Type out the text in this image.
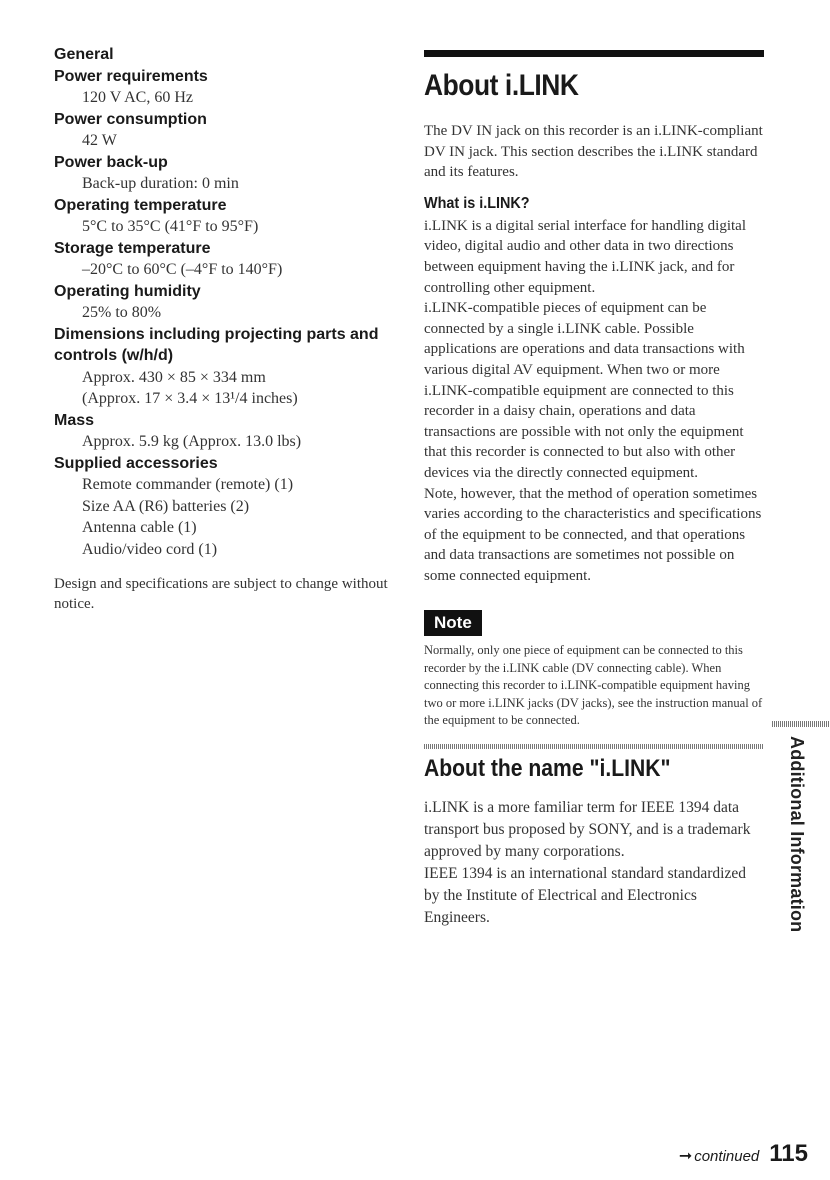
General

Power requirements

120 V AC, 60 Hz

Power consumption

42 W

Power back-up

Back-up duration: 0 min

Operating temperature

5°C to 35°C (41°F to 95°F)

Storage temperature

–20°C to 60°C (–4°F to 140°F)

Operating humidity

25% to 80%

Dimensions including projecting parts and controls (w/h/d)

Approx. 430 × 85 × 334 mm

(Approx. 17 × 3.4 × 13¹/4 inches)

Mass

Approx. 5.9 kg (Approx. 13.0 lbs)

Supplied accessories

Remote commander (remote) (1)

Size AA (R6) batteries (2)

Antenna cable (1)

Audio/video cord (1)

Design and specifications are subject to change without notice.

About i.LINK

The DV IN jack on this recorder is an i.LINK-compliant DV IN jack. This section describes the i.LINK standard and its features.

What is i.LINK?

i.LINK is a digital serial interface for handling digital video, digital audio and other data in two directions between equipment having the i.LINK jack, and for controlling other equipment.

i.LINK-compatible pieces of equipment can be connected by a single i.LINK cable. Possible applications are operations and data transactions with various digital AV equipment. When two or more i.LINK-compatible equipment are connected to this recorder in a daisy chain, operations and data transactions are possible with not only the equipment that this recorder is connected to but also with other devices via the directly connected equipment.

Note, however, that the method of operation sometimes varies according to the characteristics and specifications of the equipment to be connected, and that operations and data transactions are sometimes not possible on some connected equipment.

Note

Normally, only one piece of equipment can be connected to this recorder by the i.LINK cable (DV connecting cable). When connecting this recorder to i.LINK-compatible equipment having two or more i.LINK jacks (DV jacks), see the instruction manual of the equipment to be connected.

About the name "i.LINK"

i.LINK is a more familiar term for IEEE 1394 data transport bus proposed by SONY, and is a trademark approved by many corporations.

IEEE 1394 is an international standard standardized by the Institute of Electrical and Electronics Engineers.	Additional Information
➞ continued 115
